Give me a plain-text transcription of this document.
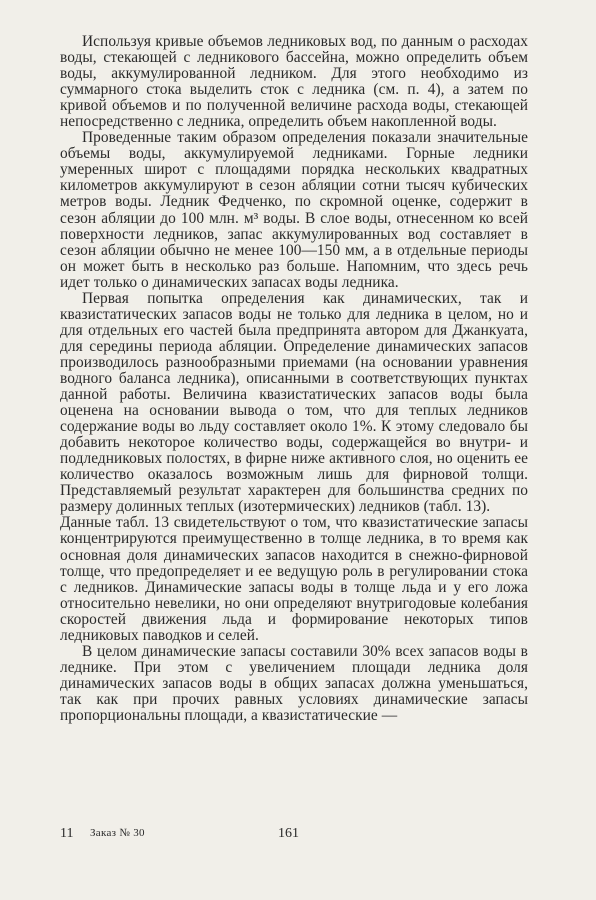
Используя кривые объемов ледниковых вод, по данным о расходах воды, стекающей с ледникового бассейна, можно определить объем воды, аккумулированной ледником. Для этого необходимо из суммарного стока выделить сток с ледника (см. п. 4), а затем по кривой объемов и по полученной величине расхода воды, стекающей непосредственно с ледника, определить объем накопленной воды.

Проведенные таким образом определения показали значительные объемы воды, аккумулируемой ледниками. Горные ледники умеренных широт с площадями порядка нескольких квадратных километров аккумулируют в сезон абляции сотни тысяч кубических метров воды. Ледник Федченко, по скромной оценке, содержит в сезон абляции до 100 млн. м³ воды. В слое воды, отнесенном ко всей поверхности ледников, запас аккумулированных вод составляет в сезон абляции обычно не менее 100—150 мм, а в отдельные периоды он может быть в несколько раз больше. Напомним, что здесь речь идет только о динамических запасах воды ледника.

Первая попытка определения как динамических, так и квазистатических запасов воды не только для ледника в целом, но и для отдельных его частей была предпринята автором для Джанкуата, для середины периода абляции. Определение динамических запасов производилось разнообразными приемами (на основании уравнения водного баланса ледника), описанными в соответствующих пунктах данной работы. Величина квазистатических запасов воды была оценена на основании вывода о том, что для теплых ледников содержание воды во льду составляет около 1%. К этому следовало бы добавить некоторое количество воды, содержащейся во внутри- и подледниковых полостях, в фирне ниже активного слоя, но оценить ее количество оказалось возможным лишь для фирновой толщи. Представляемый результат характерен для большинства средних по размеру долинных теплых (изотермических) ледников (табл. 13).

Данные табл. 13 свидетельствуют о том, что квазистатические запасы концентрируются преимущественно в толще ледника, в то время как основная доля динамических запасов находится в снежно-фирновой толще, что предопределяет и ее ведущую роль в регулировании стока с ледников. Динамические запасы воды в толще льда и у его ложа относительно невелики, но они определяют внутригодовые колебания скоростей движения льда и формирование некоторых типов ледниковых паводков и селей.

В целом динамические запасы составили 30% всех запасов воды в леднике. При этом с увеличением площади ледника доля динамических запасов воды в общих запасах должна уменьшаться, так как при прочих равных условиях динамические запасы пропорциональны площади, а квазистатические —

11 Заказ № 30	161
